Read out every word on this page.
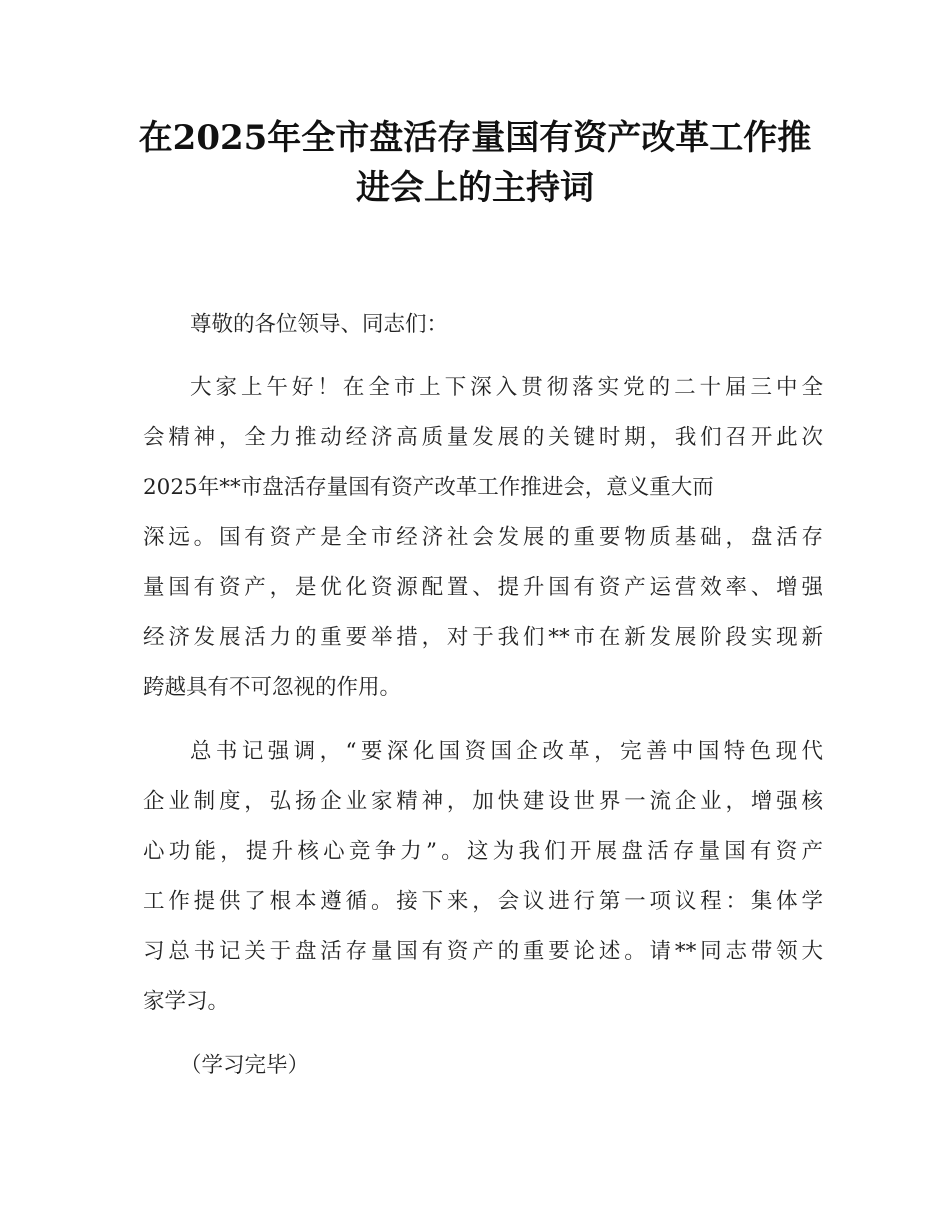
在2025年全市盘活存量国有资产改革工作推
进会上的主持词

尊敬的各位领导、同志们：

大家上午好！在全市上下深入贯彻落实党的二十届三中全

会精神，全力推动经济高质量发展的关键时期，我们召开此次

2025年**市盘活存量国有资产改革工作推进会，意义重大而

深远。国有资产是全市经济社会发展的重要物质基础，盘活存

量国有资产，是优化资源配置、提升国有资产运营效率、增强

经济发展活力的重要举措，对于我们**市在新发展阶段实现新

跨越具有不可忽视的作用。

总书记强调，“要深化国资国企改革，完善中国特色现代

企业制度，弘扬企业家精神，加快建设世界一流企业，增强核

心功能，提升核心竞争力”。这为我们开展盘活存量国有资产

工作提供了根本遵循。接下来，会议进行第一项议程：集体学

习总书记关于盘活存量国有资产的重要论述。请**同志带领大

家学习。

（学习完毕）
